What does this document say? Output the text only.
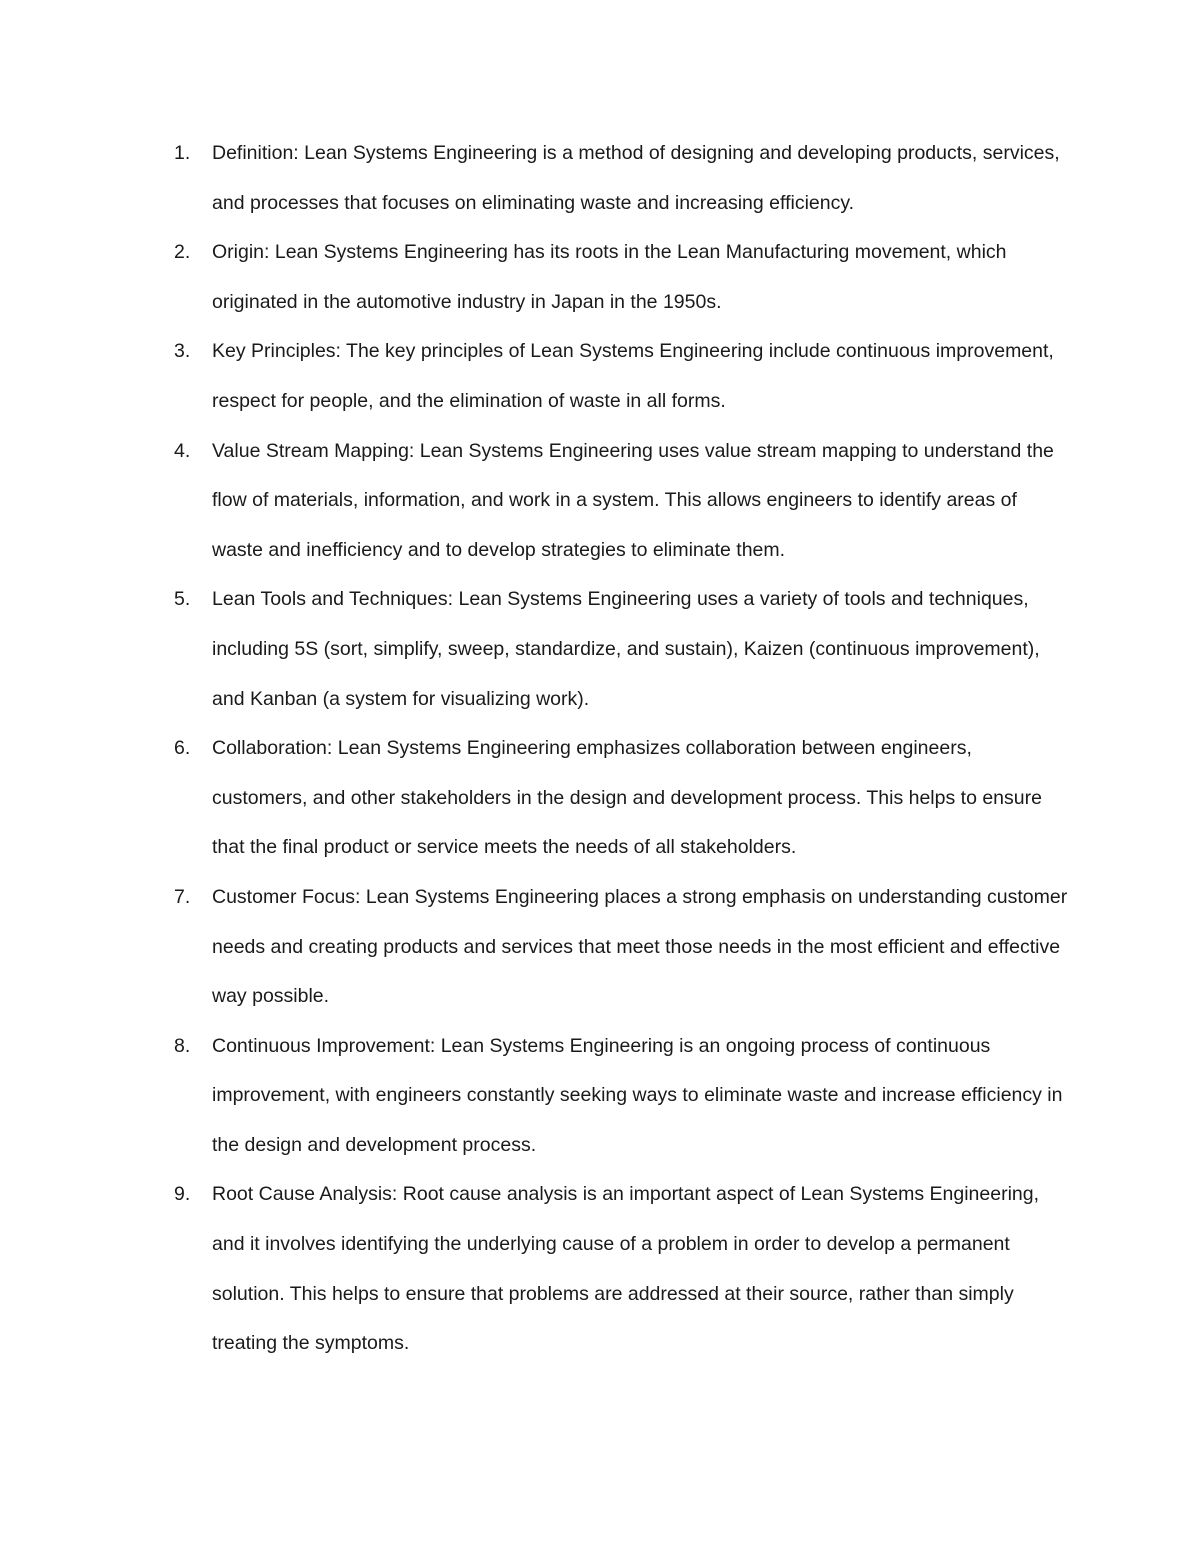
1.	Definition: Lean Systems Engineering is a method of designing and developing products, services, and processes that focuses on eliminating waste and increasing efficiency.
2.	Origin: Lean Systems Engineering has its roots in the Lean Manufacturing movement, which originated in the automotive industry in Japan in the 1950s.
3.	Key Principles: The key principles of Lean Systems Engineering include continuous improvement, respect for people, and the elimination of waste in all forms.
4.	Value Stream Mapping: Lean Systems Engineering uses value stream mapping to understand the flow of materials, information, and work in a system. This allows engineers to identify areas of waste and inefficiency and to develop strategies to eliminate them.
5.	Lean Tools and Techniques: Lean Systems Engineering uses a variety of tools and techniques, including 5S (sort, simplify, sweep, standardize, and sustain), Kaizen (continuous improvement), and Kanban (a system for visualizing work).
6.	Collaboration: Lean Systems Engineering emphasizes collaboration between engineers, customers, and other stakeholders in the design and development process. This helps to ensure that the final product or service meets the needs of all stakeholders.
7.	Customer Focus: Lean Systems Engineering places a strong emphasis on understanding customer needs and creating products and services that meet those needs in the most efficient and effective way possible.
8.	Continuous Improvement: Lean Systems Engineering is an ongoing process of continuous improvement, with engineers constantly seeking ways to eliminate waste and increase efficiency in the design and development process.
9.	Root Cause Analysis: Root cause analysis is an important aspect of Lean Systems Engineering, and it involves identifying the underlying cause of a problem in order to develop a permanent solution. This helps to ensure that problems are addressed at their source, rather than simply treating the symptoms.
